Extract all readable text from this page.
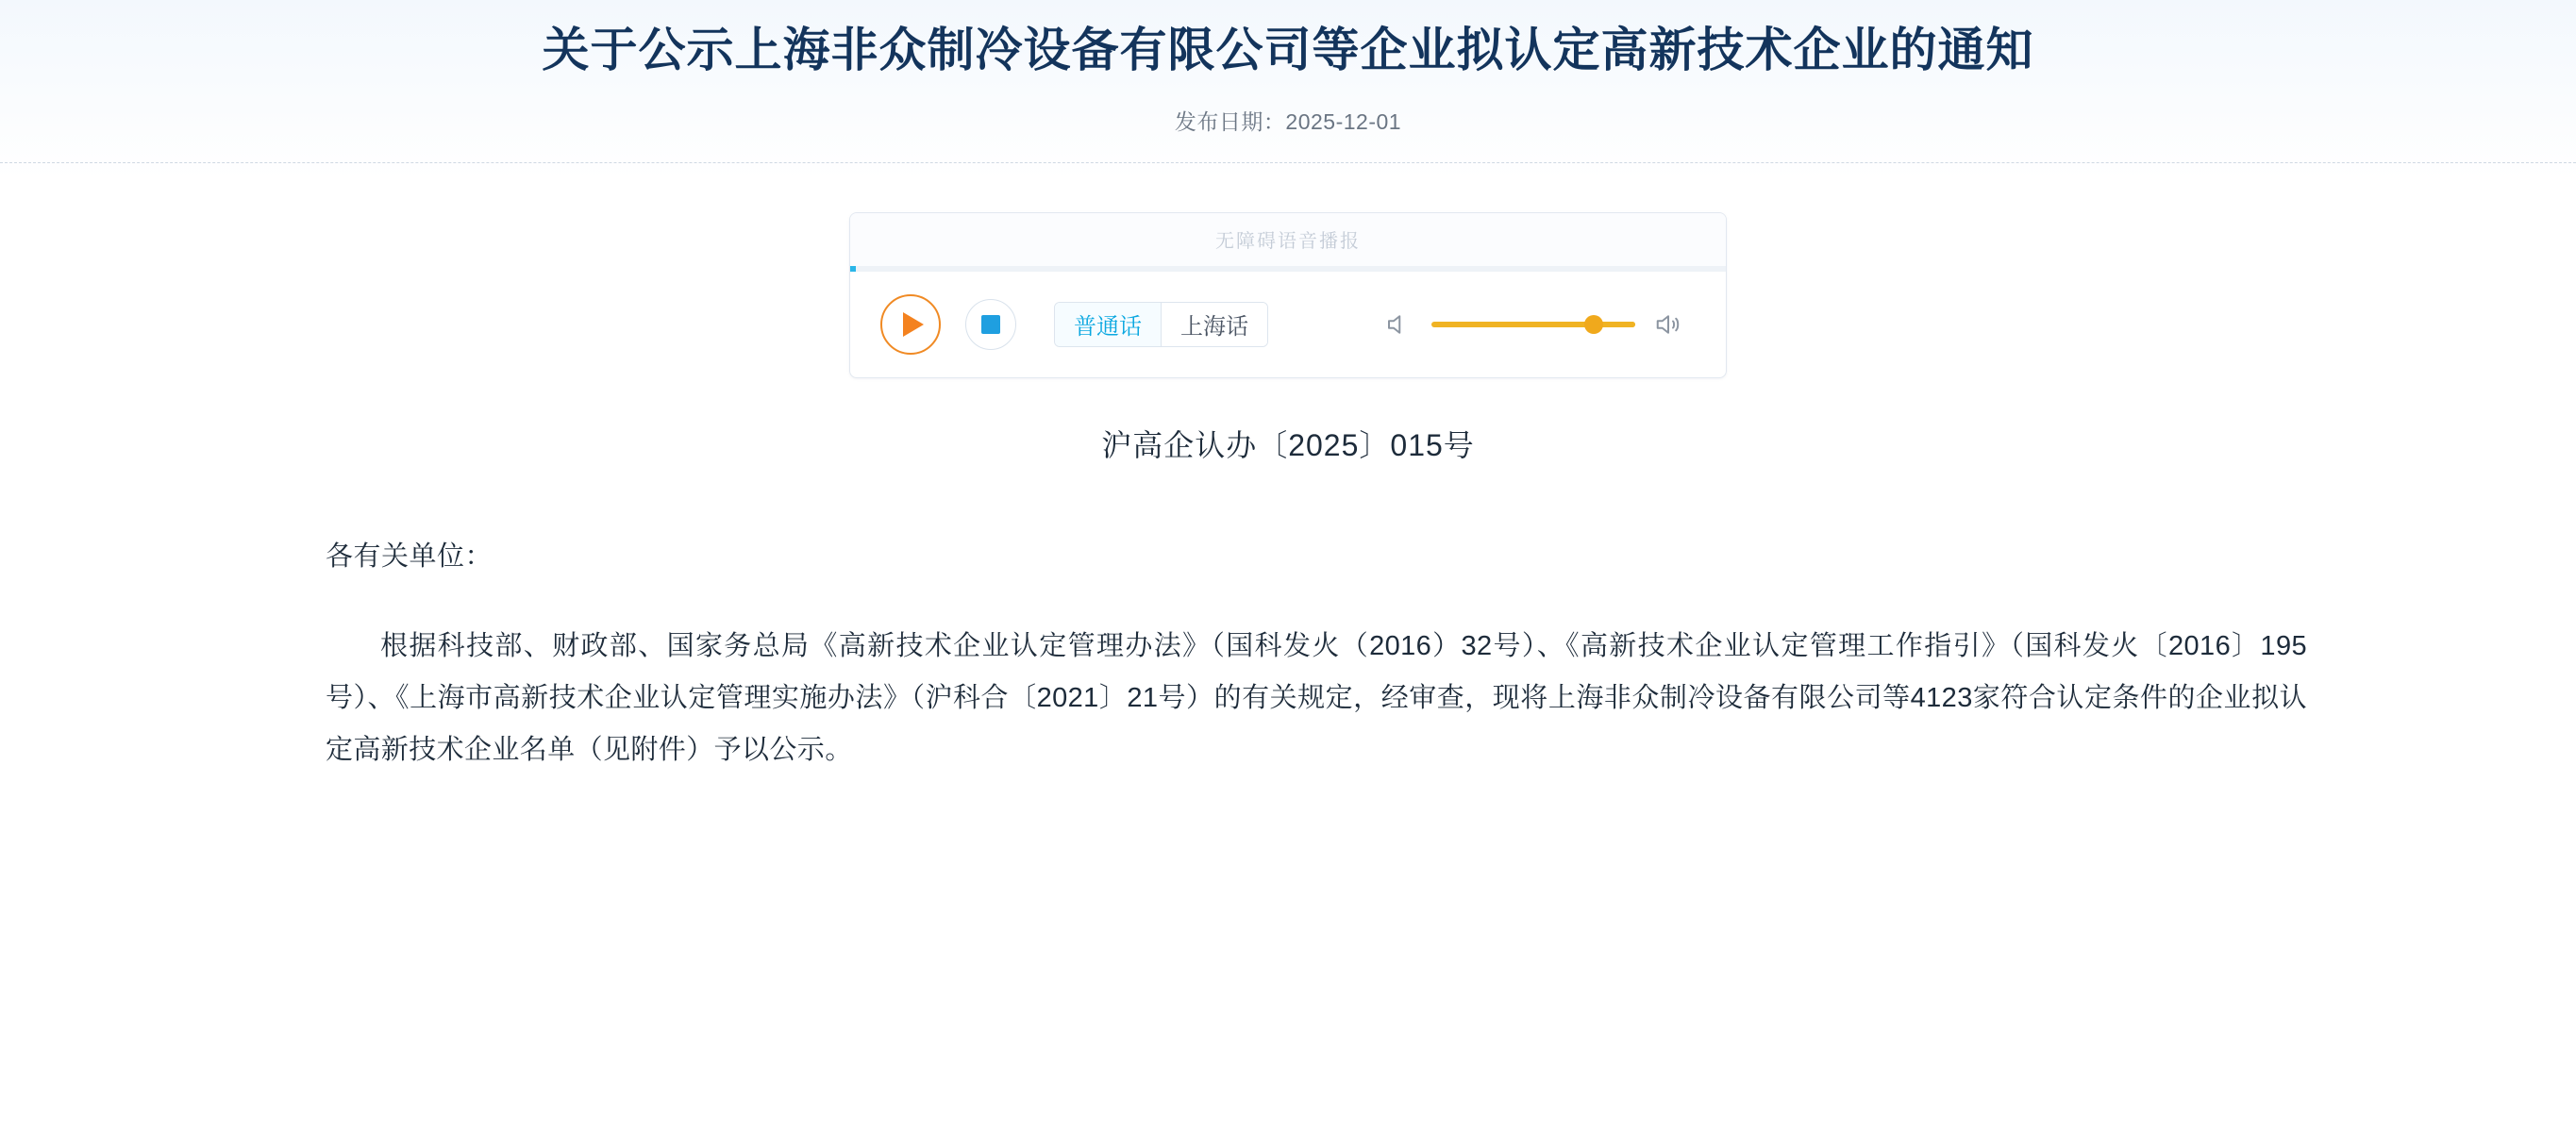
关于公示上海非众制冷设备有限公司等企业拟认定高新技术企业的通知
发布日期：2025-12-01
无障碍语音播报
普通话	上海话
沪高企认办〔2025〕015号
各有关单位：

根据科技部、财政部、国家务总局《高新技术企业认定管理办法》（国科发火（2016）32号）、《高新技术企业认定管理工作指引》（国科发火〔2016〕195号）、《上海市高新技术企业认定管理实施办法》（沪科合〔2021〕21号）的有关规定，经审查，现将上海非众制冷设备有限公司等4123家符合认定条件的企业拟认定高新技术企业名单（见附件）予以公示。
